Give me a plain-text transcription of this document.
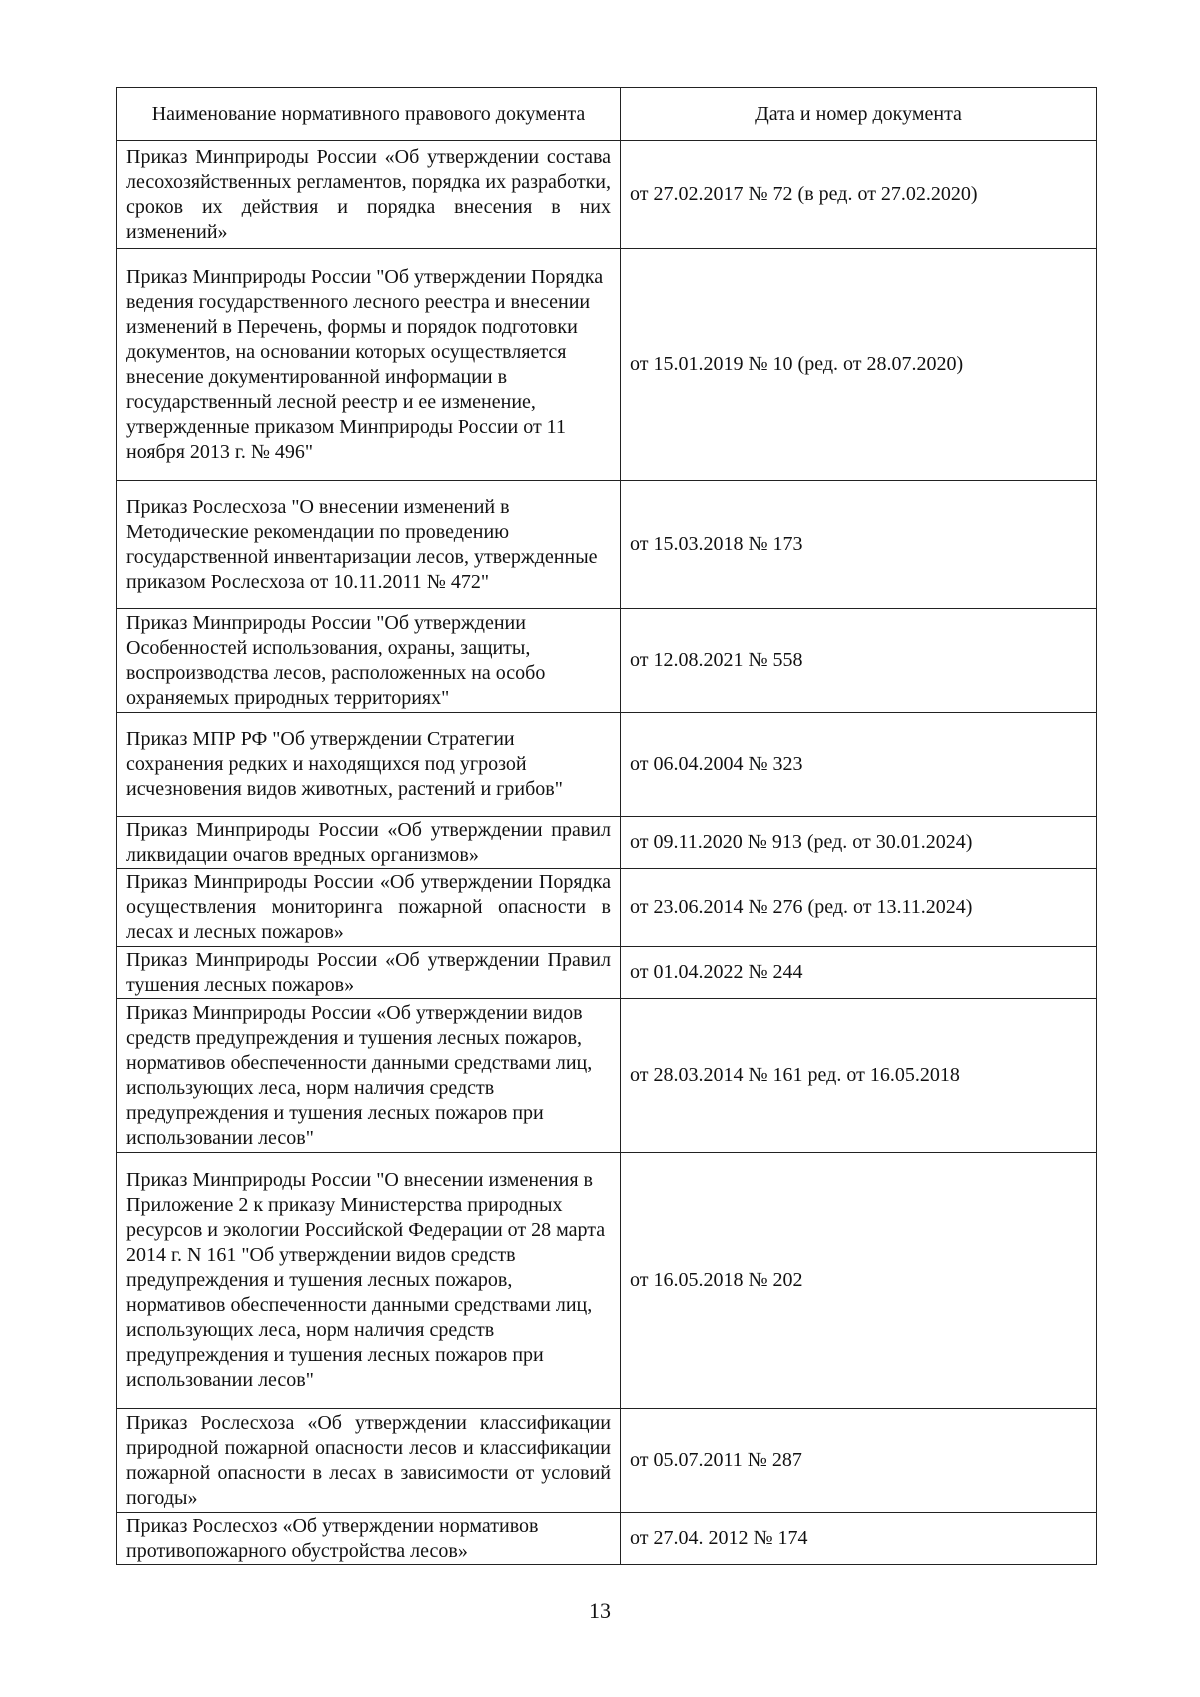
Наименование нормативного правового документа	Дата и номер документа
Приказ Минприроды России «Об утверждении состава лесохозяйственных регламентов, порядка их разработки, сроков их действия и порядка внесения в них изменений»	от 27.02.2017 № 72 (в ред. от 27.02.2020)
Приказ Минприроды России "Об утверждении Порядка ведения государственного лесного реестра и внесении изменений в Перечень, формы и порядок подготовки документов, на основании которых осуществляется внесение документированной информации в государственный лесной реестр и ее изменение, утвержденные приказом Минприроды России от 11 ноября 2013 г. № 496"	от 15.01.2019 № 10 (ред. от 28.07.2020)
Приказ Рослесхоза "О внесении изменений в Методические рекомендации по проведению государственной инвентаризации лесов, утвержденные приказом Рослесхоза от 10.11.2011 № 472"	от 15.03.2018 № 173
Приказ Минприроды России "Об утверждении Особенностей использования, охраны, защиты, воспроизводства лесов, расположенных на особо охраняемых природных территориях"	от 12.08.2021 № 558
Приказ МПР РФ "Об утверждении Стратегии сохранения редких и находящихся под угрозой исчезновения видов животных, растений и грибов"	от 06.04.2004 № 323
Приказ Минприроды России «Об утверждении правил ликвидации очагов вредных организмов»	от 09.11.2020 № 913 (ред. от 30.01.2024)
Приказ Минприроды России «Об утверждении Порядка осуществления мониторинга пожарной опасности в лесах и лесных пожаров»	от 23.06.2014 № 276 (ред. от 13.11.2024)
Приказ Минприроды России «Об утверждении Правил тушения лесных пожаров»	от 01.04.2022 № 244
Приказ Минприроды России «Об утверждении видов средств предупреждения и тушения лесных пожаров, нормативов обеспеченности данными средствами лиц, использующих леса, норм наличия средств предупреждения и тушения лесных пожаров при использовании лесов"	от 28.03.2014 № 161 ред. от 16.05.2018
Приказ Минприроды России "О внесении изменения в Приложение 2 к приказу Министерства природных ресурсов и экологии Российской Федерации от 28 марта 2014 г. N 161 "Об утверждении видов средств предупреждения и тушения лесных пожаров, нормативов обеспеченности данными средствами лиц, использующих леса, норм наличия средств предупреждения и тушения лесных пожаров при использовании лесов"	от 16.05.2018 № 202
Приказ Рослесхоза «Об утверждении классификации природной пожарной опасности лесов и классификации пожарной опасности в лесах в зависимости от условий погоды»	от 05.07.2011 № 287
Приказ Рослесхоз «Об утверждении нормативов противопожарного обустройства лесов»	от 27.04. 2012 № 174
13
